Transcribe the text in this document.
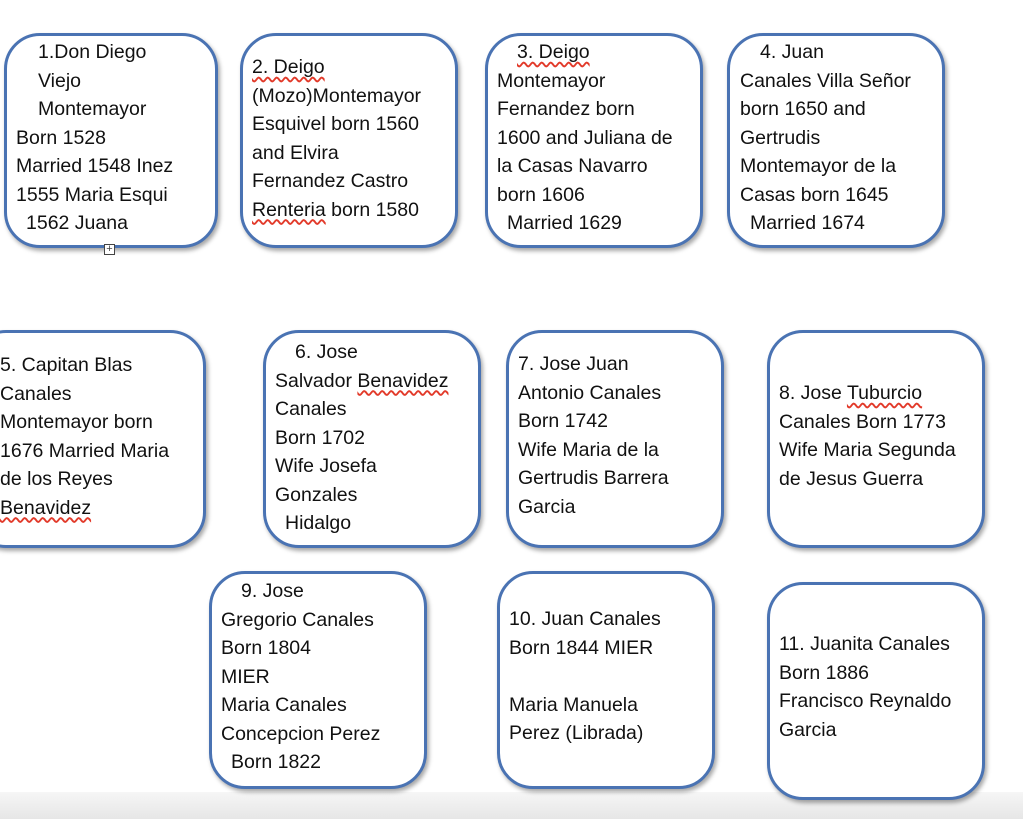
1.Don Diego
Viejo
Montemayor
Born 1528
Married 1548 Inez
1555 Maria Esqui
1562 Juana
+
2. Deigo
(Mozo)Montemayor
Esquivel born 1560
and Elvira
Fernandez Castro
Renteria born 1580
3. Deigo
Montemayor
Fernandez born
1600 and Juliana de
la Casas Navarro
born 1606
Married 1629
4. Juan
Canales Villa Señor
born 1650 and
Gertrudis
Montemayor de la
Casas born 1645
Married 1674
5. Capitan Blas
Canales
Montemayor born
1676 Married Maria
de los Reyes
Benavidez
6. Jose
Salvador Benavidez
Canales
Born 1702
Wife Josefa
Gonzales
Hidalgo
7. Jose Juan
Antonio Canales
Born 1742
Wife Maria de la
Gertrudis Barrera
Garcia
8. Jose Tuburcio
Canales Born 1773
Wife Maria Segunda
de Jesus Guerra
9. Jose
Gregorio Canales
Born 1804
MIER
Maria Canales
Concepcion Perez
Born 1822
10. Juan Canales
Born 1844 MIER
Maria Manuela
Perez (Librada)
11. Juanita Canales
Born 1886
Francisco Reynaldo
Garcia
